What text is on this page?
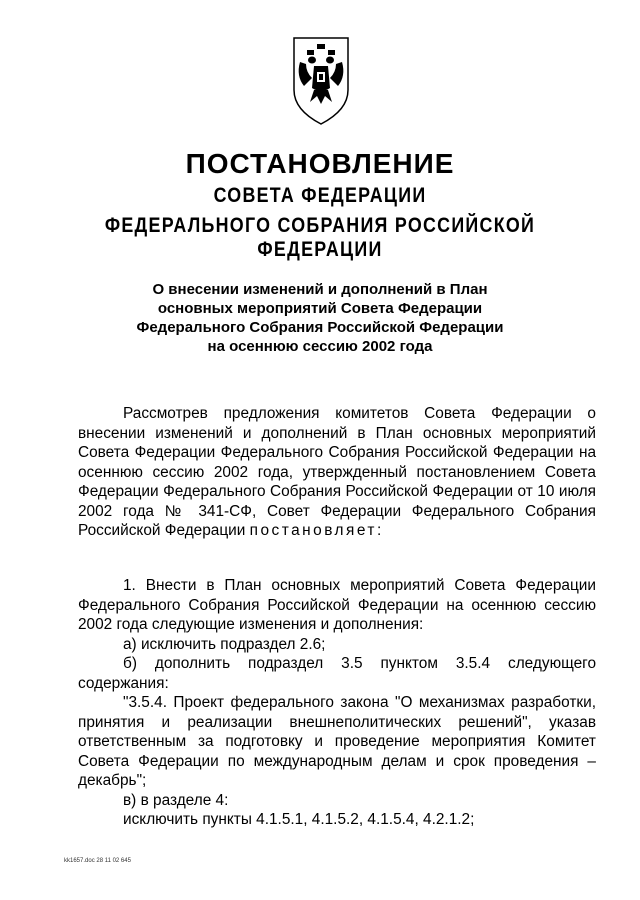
ПОСТАНОВЛЕНИЕ
СОВЕТА ФЕДЕРАЦИИ
ФЕДЕРАЛЬНОГО СОБРАНИЯ РОССИЙСКОЙ ФЕДЕРАЦИИ
О внесении изменений и дополнений в План
основных мероприятий Совета Федерации
Федерального Собрания Российской Федерации
на осеннюю сессию 2002 года
Рассмотрев предложения комитетов Совета Федерации о внесении изменений и дополнений в План основных мероприятий Совета Федерации Федерального Собрания Российской Федерации на осеннюю сессию 2002 года, утвержденный постановлением Совета Федерации Федерального Собрания Российской Федерации от 10 июля 2002 года № 341-СФ, Совет Федерации Федерального Собрания Российской Федерации постановляет:

1. Внести в План основных мероприятий Совета Федерации Федерального Собрания Российской Федерации на осеннюю сессию 2002 года следующие изменения и дополнения:

а) исключить подраздел 2.6;

б) дополнить подраздел 3.5 пунктом 3.5.4 следующего содержания:

"3.5.4. Проект федерального закона "О механизмах разработки, принятия и реализации внешнеполитических решений", указав ответственным за подготовку и проведение мероприятия Комитет Совета Федерации по международным делам и срок проведения – декабрь";

в) в разделе 4:

исключить пункты 4.1.5.1, 4.1.5.2, 4.1.5.4, 4.2.1.2;

kk1657.doc 28 11 02 645
